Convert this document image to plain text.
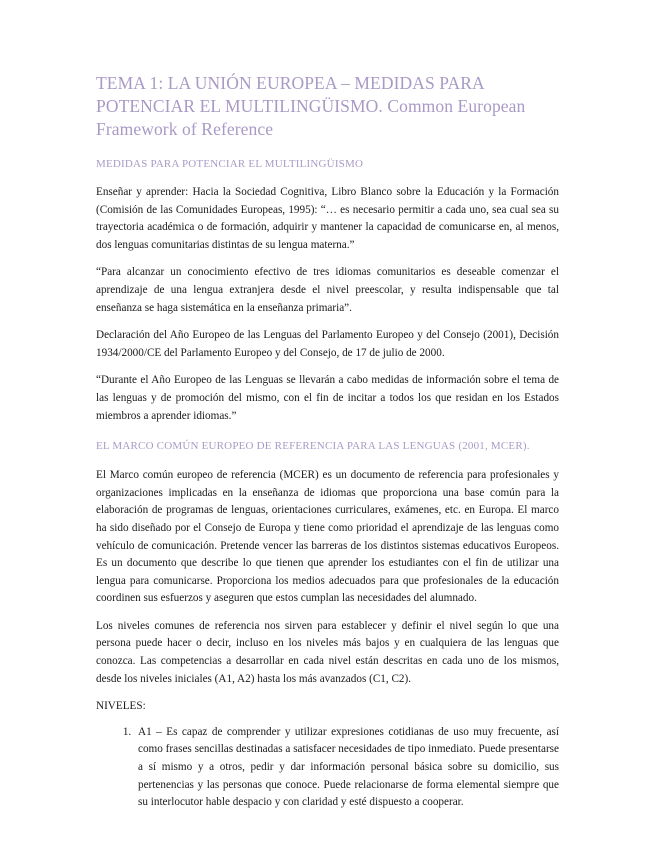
TEMA 1: LA UNIÓN EUROPEA – MEDIDAS PARA POTENCIAR EL MULTILINGÜISMO. Common European Framework of Reference
MEDIDAS PARA POTENCIAR EL MULTILINGÜISMO

Enseñar y aprender: Hacia la Sociedad Cognitiva, Libro Blanco sobre la Educación y la Formación (Comisión de las Comunidades Europeas, 1995): “… es necesario permitir a cada uno, sea cual sea su trayectoria académica o de formación, adquirir y mantener la capacidad de comunicarse en, al menos, dos lenguas comunitarias distintas de su lengua materna.”

“Para alcanzar un conocimiento efectivo de tres idiomas comunitarios es deseable comenzar el aprendizaje de una lengua extranjera desde el nivel preescolar, y resulta indispensable que tal enseñanza se haga sistemática en la enseñanza primaria”.

Declaración del Año Europeo de las Lenguas del Parlamento Europeo y del Consejo (2001), Decisión 1934/2000/CE del Parlamento Europeo y del Consejo, de 17 de julio de 2000.

“Durante el Año Europeo de las Lenguas se llevarán a cabo medidas de información sobre el tema de las lenguas y de promoción del mismo, con el fin de incitar a todos los que residan en los Estados miembros a aprender idiomas.”

EL MARCO COMÚN EUROPEO DE REFERENCIA PARA LAS LENGUAS (2001, MCER).

El Marco común europeo de referencia (MCER) es un documento de referencia para profesionales y organizaciones implicadas en la enseñanza de idiomas que proporciona una base común para la elaboración de programas de lenguas, orientaciones curriculares, exámenes, etc. en Europa. El marco ha sido diseñado por el Consejo de Europa y tiene como prioridad el aprendizaje de las lenguas como vehículo de comunicación. Pretende vencer las barreras de los distintos sistemas educativos Europeos. Es un documento que describe lo que tienen que aprender los estudiantes con el fin de utilizar una lengua para comunicarse. Proporciona los medios adecuados para que profesionales de la educación coordinen sus esfuerzos y aseguren que estos cumplan las necesidades del alumnado.

Los niveles comunes de referencia nos sirven para establecer y definir el nivel según lo que una persona puede hacer o decir, incluso en los niveles más bajos y en cualquiera de las lenguas que conozca. Las competencias a desarrollar en cada nivel están descritas en cada uno de los mismos, desde los niveles iniciales (A1, A2) hasta los más avanzados (C1, C2).

NIVELES:

1. A1 – Es capaz de comprender y utilizar expresiones cotidianas de uso muy frecuente, así como frases sencillas destinadas a satisfacer necesidades de tipo inmediato. Puede presentarse a sí mismo y a otros, pedir y dar información personal básica sobre su domicilio, sus pertenencias y las personas que conoce. Puede relacionarse de forma elemental siempre que su interlocutor hable despacio y con claridad y esté dispuesto a cooperar.
